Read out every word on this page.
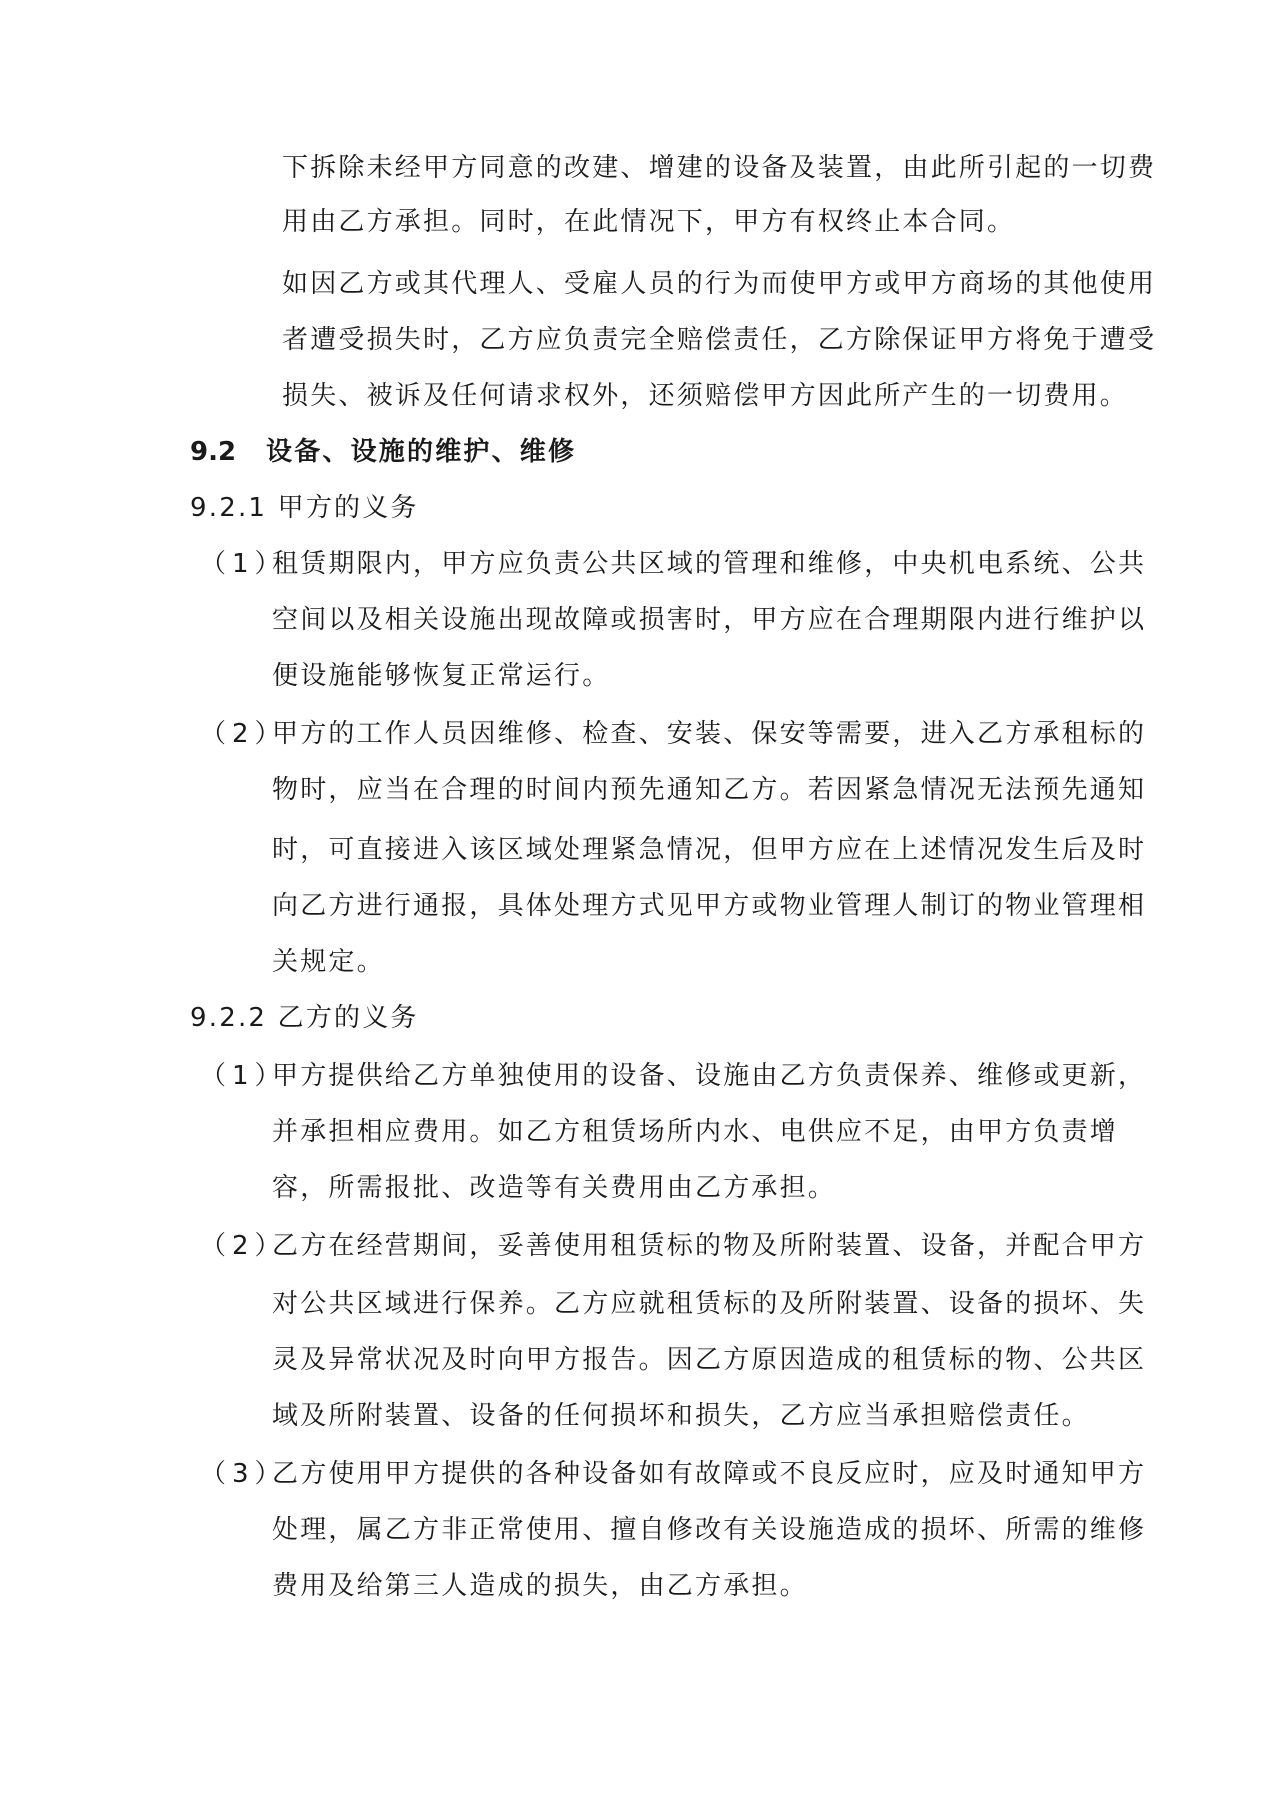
下拆除未经甲方同意的改建、增建的设备及装置，由此所引起的一切费
用由乙方承担。同时，在此情况下，甲方有权终止本合同。
如因乙方或其代理人、受雇人员的行为而使甲方或甲方商场的其他使用
者遭受损失时，乙方应负责完全赔偿责任，乙方除保证甲方将免于遭受
损失、被诉及任何请求权外，还须赔偿甲方因此所产生的一切费用。
9.2 设备、设施的维护、维修
9.2.1 甲方的义务
（1）
租赁期限内，甲方应负责公共区域的管理和维修，中央机电系统、公共
空间以及相关设施出现故障或损害时，甲方应在合理期限内进行维护以
便设施能够恢复正常运行。
（2）
甲方的工作人员因维修、检查、安装、保安等需要，进入乙方承租标的
物时，应当在合理的时间内预先通知乙方。若因紧急情况无法预先通知
时，可直接进入该区域处理紧急情况，但甲方应在上述情况发生后及时
向乙方进行通报，具体处理方式见甲方或物业管理人制订的物业管理相
关规定。
9.2.2 乙方的义务
（1）
甲方提供给乙方单独使用的设备、设施由乙方负责保养、维修或更新，
并承担相应费用。如乙方租赁场所内水、电供应不足，由甲方负责增
容，所需报批、改造等有关费用由乙方承担。
（2）
乙方在经营期间，妥善使用租赁标的物及所附装置、设备，并配合甲方
对公共区域进行保养。乙方应就租赁标的及所附装置、设备的损坏、失
灵及异常状况及时向甲方报告。因乙方原因造成的租赁标的物、公共区
域及所附装置、设备的任何损坏和损失，乙方应当承担赔偿责任。
（3）
乙方使用甲方提供的各种设备如有故障或不良反应时，应及时通知甲方
处理，属乙方非正常使用、擅自修改有关设施造成的损坏、所需的维修
费用及给第三人造成的损失，由乙方承担。
